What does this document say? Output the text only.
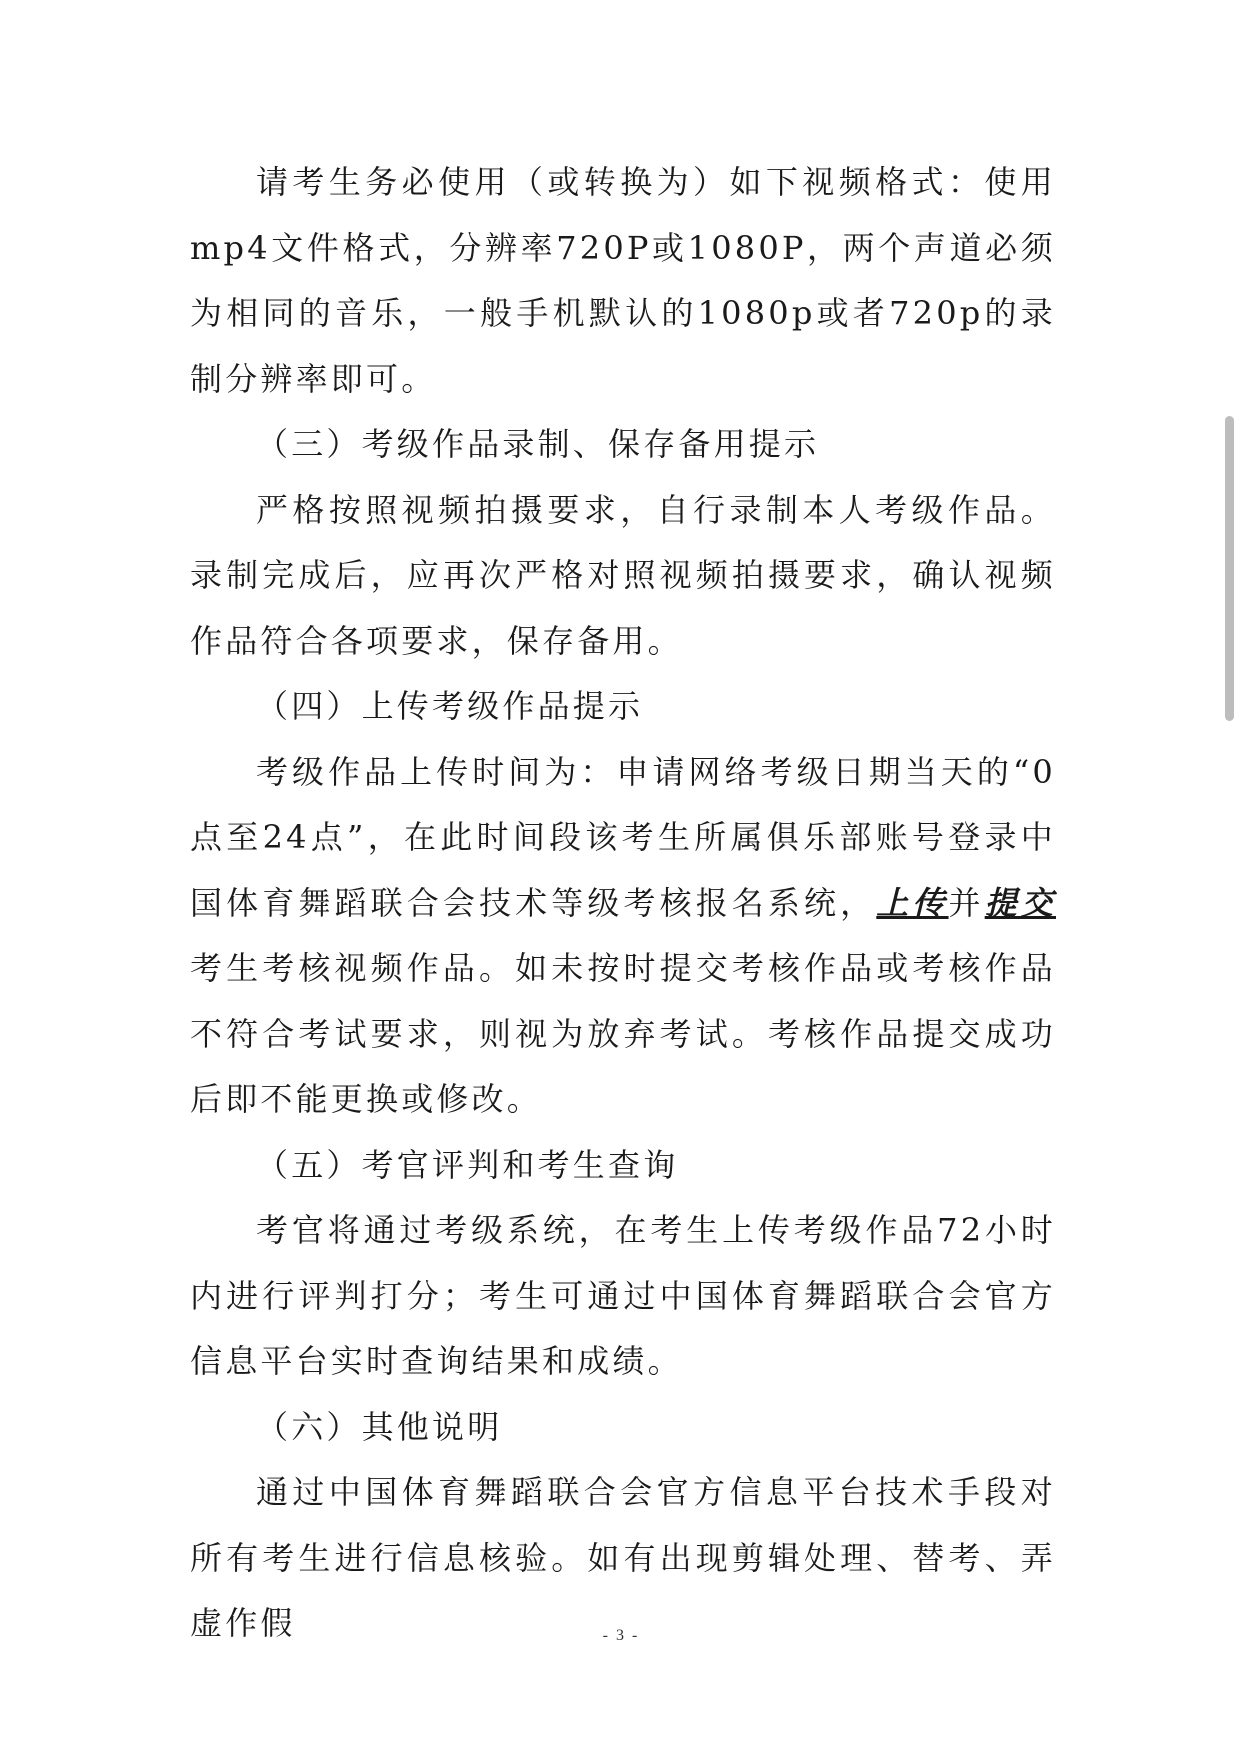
请考生务必使用（或转换为）如下视频格式：使用mp4文件格式，分辨率720P或1080P，两个声道必须为相同的音乐，一般手机默认的1080p或者720p的录制分辨率即可。

（三）考级作品录制、保存备用提示

严格按照视频拍摄要求，自行录制本人考级作品。录制完成后，应再次严格对照视频拍摄要求，确认视频作品符合各项要求，保存备用。

（四）上传考级作品提示

考级作品上传时间为：申请网络考级日期当天的“0点至24点”，在此时间段该考生所属俱乐部账号登录中国体育舞蹈联合会技术等级考核报名系统，上传并提交考生考核视频作品。如未按时提交考核作品或考核作品不符合考试要求，则视为放弃考试。考核作品提交成功后即不能更换或修改。

（五）考官评判和考生查询

考官将通过考级系统，在考生上传考级作品72小时内进行评判打分；考生可通过中国体育舞蹈联合会官方信息平台实时查询结果和成绩。

（六）其他说明

通过中国体育舞蹈联合会官方信息平台技术手段对所有考生进行信息核验。如有出现剪辑处理、替考、弄虚作假	- 3 -
